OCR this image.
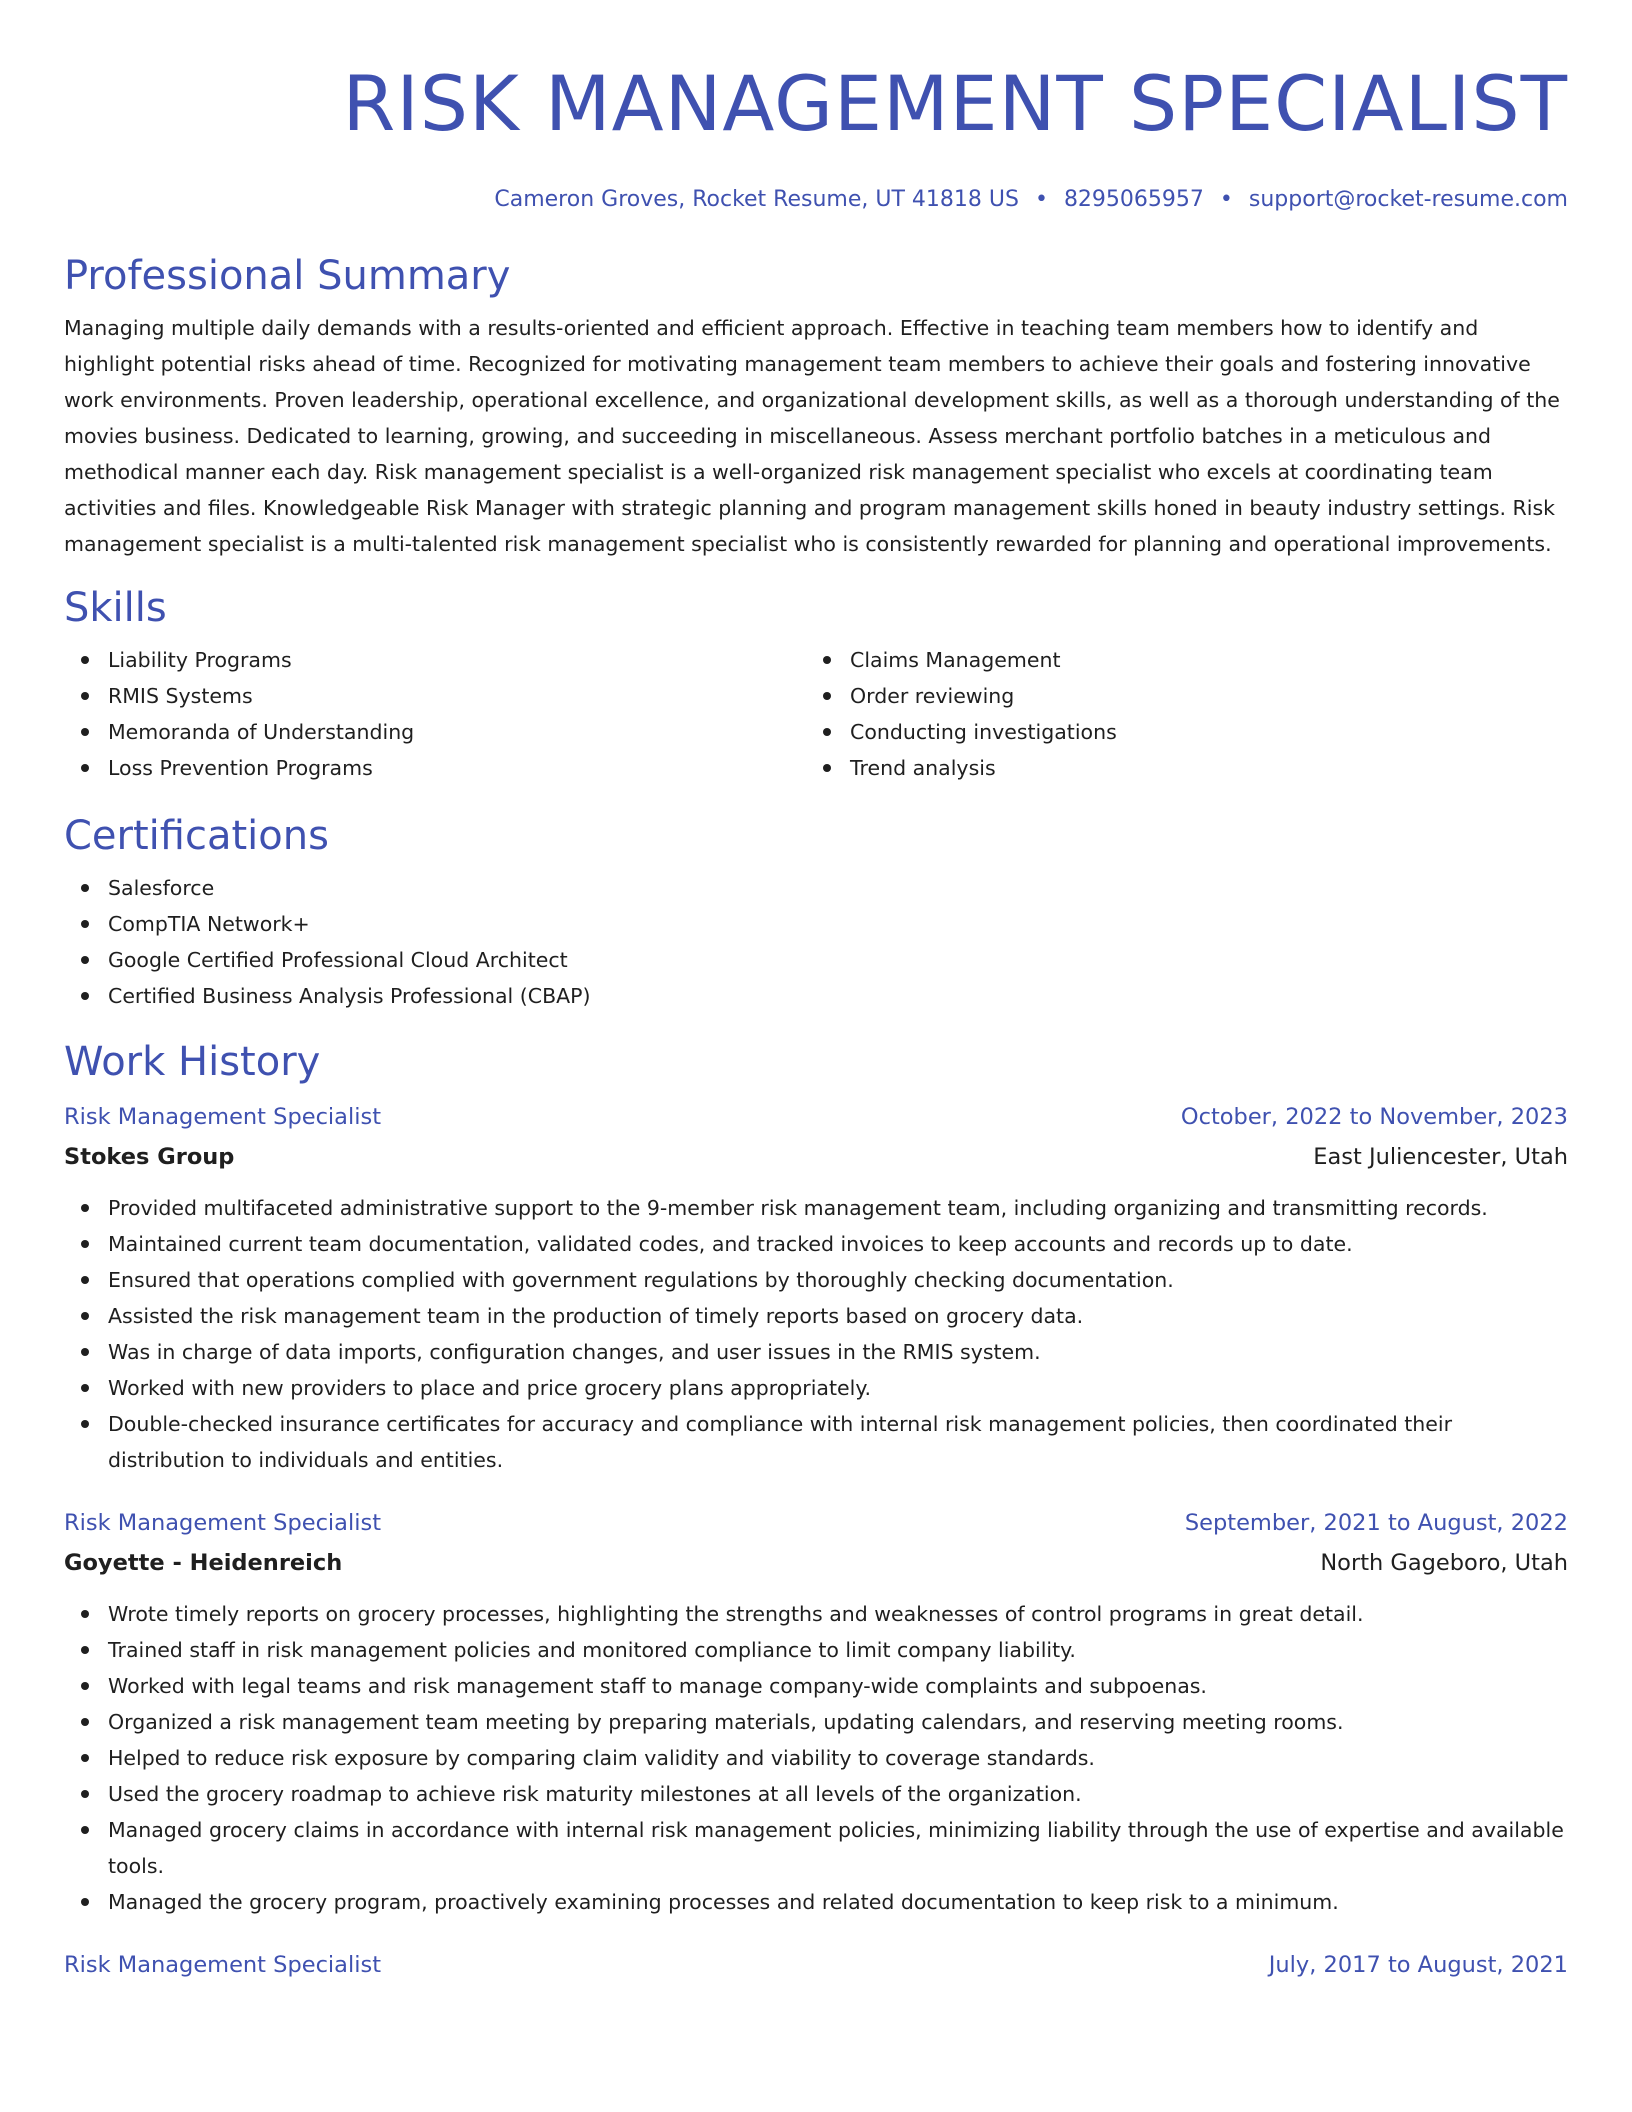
RISK MANAGEMENT SPECIALIST
Cameron Groves, Rocket Resume, UT 41818 US • 8295065957 • support@rocket-resume.com
Professional Summary

Managing multiple daily demands with a results-oriented and efficient approach. Effective in teaching team members how to identify and highlight potential risks ahead of time. Recognized for motivating management team members to achieve their goals and fostering innovative work environments. Proven leadership, operational excellence, and organizational development skills, as well as a thorough understanding of the movies business. Dedicated to learning, growing, and succeeding in miscellaneous. Assess merchant portfolio batches in a meticulous and methodical manner each day. Risk management specialist is a well-organized risk management specialist who excels at coordinating team activities and files. Knowledgeable Risk Manager with strategic planning and program management skills honed in beauty industry settings. Risk management specialist is a multi-talented risk management specialist who is consistently rewarded for planning and operational improvements.

Skills
Liability Programs
RMIS Systems
Memoranda of Understanding
Loss Prevention Programs
Claims Management
Order reviewing
Conducting investigations
Trend analysis
Certifications
Salesforce
CompTIA Network+
Google Certified Professional Cloud Architect
Certified Business Analysis Professional (CBAP)
Work History
Risk Management Specialist	October, 2022 to November, 2023
Stokes Group	East Juliencester, Utah
Provided multifaceted administrative support to the 9-member risk management team, including organizing and transmitting records.
Maintained current team documentation, validated codes, and tracked invoices to keep accounts and records up to date.
Ensured that operations complied with government regulations by thoroughly checking documentation.
Assisted the risk management team in the production of timely reports based on grocery data.
Was in charge of data imports, configuration changes, and user issues in the RMIS system.
Worked with new providers to place and price grocery plans appropriately.
Double-checked insurance certificates for accuracy and compliance with internal risk management policies, then coordinated their distribution to individuals and entities.
Risk Management Specialist	September, 2021 to August, 2022
Goyette - Heidenreich	North Gageboro, Utah
Wrote timely reports on grocery processes, highlighting the strengths and weaknesses of control programs in great detail.
Trained staff in risk management policies and monitored compliance to limit company liability.
Worked with legal teams and risk management staff to manage company-wide complaints and subpoenas.
Organized a risk management team meeting by preparing materials, updating calendars, and reserving meeting rooms.
Helped to reduce risk exposure by comparing claim validity and viability to coverage standards.
Used the grocery roadmap to achieve risk maturity milestones at all levels of the organization.
Managed grocery claims in accordance with internal risk management policies, minimizing liability through the use of expertise and available tools.
Managed the grocery program, proactively examining processes and related documentation to keep risk to a minimum.
Risk Management Specialist	July, 2017 to August, 2021
